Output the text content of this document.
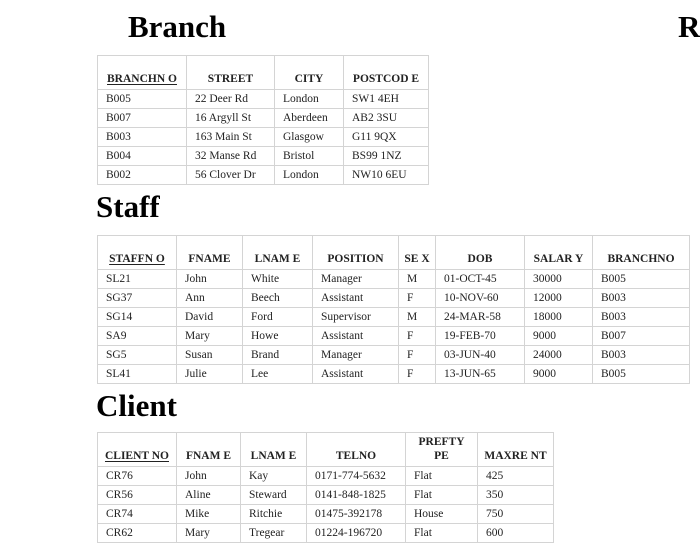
Branch	R
BRANCHN O	STREET	CITY	POSTCOD E
B005	22 Deer Rd	London	SW1 4EH
B007	16 Argyll St	Aberdeen	AB2 3SU
B003	163 Main St	Glasgow	G11 9QX
B004	32 Manse Rd	Bristol	BS99 1NZ
B002	56 Clover Dr	London	NW10 6EU
Staff
STAFFN O	FNAME	LNAM E	POSITION	SE X	DOB	SALAR Y	BRANCHNO
SL21	John	White	Manager	M	01-OCT-45	30000	B005
SG37	Ann	Beech	Assistant	F	10-NOV-60	12000	B003
SG14	David	Ford	Supervisor	M	24-MAR-58	18000	B003
SA9	Mary	Howe	Assistant	F	19-FEB-70	9000	B007
SG5	Susan	Brand	Manager	F	03-JUN-40	24000	B003
SL41	Julie	Lee	Assistant	F	13-JUN-65	9000	B005
Client
CLIENT NO	FNAM E	LNAM E	TELNO	PREFTY PE	MAXRE NT
CR76	John	Kay	0171-774-5632	Flat	425
CR56	Aline	Steward	0141-848-1825	Flat	350
CR74	Mike	Ritchie	01475-392178	House	750
CR62	Mary	Tregear	01224-196720	Flat	600
